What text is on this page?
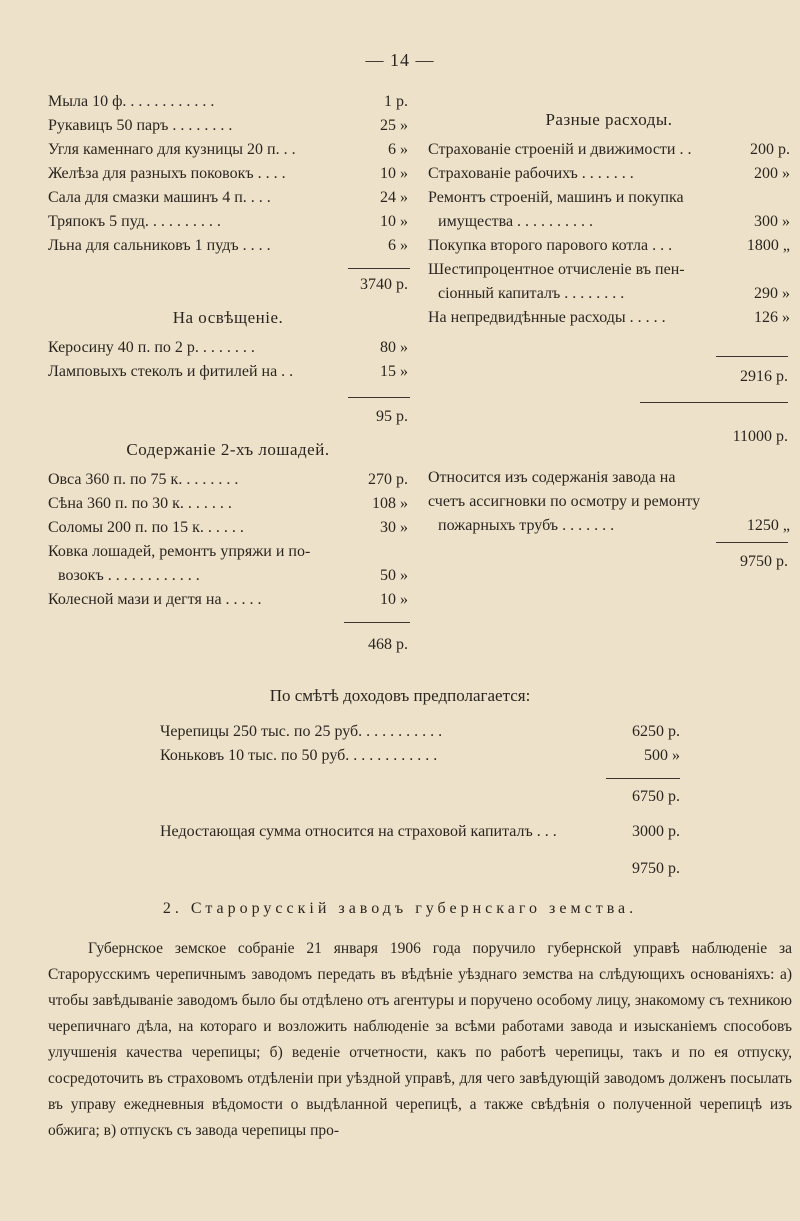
— 14 —
Мыла 10 ф. . . . . . . . . . . .	1 р.
Рукавицъ 50 паръ . . . . . . . .	25 »
Угля каменнаго для кузницы 20 п. . .	6 »
Желѣза для разныхъ поковокъ . . . .	10 »
Сала для смазки машинъ 4 п. . . .	24 »
Тряпокъ 5 пуд. . . . . . . . . .	10 »
Льна для сальниковъ 1 пудъ . . . .	6 »
3740 р.
На освѣщеніе.
Керосину 40 п. по 2 р. . . . . . . .	80 »
Ламповыхъ стеколъ и фитилей на . .	15 »
95 р.
Содержаніе 2-хъ лошадей.
Овса 360 п. по 75 к. . . . . . . .	270 р.
Сѣна 360 п. по 30 к. . . . . . .	108 »
Соломы 200 п. по 15 к. . . . . .	30 »
Ковка лошадей, ремонтъ упряжи и по-
возокъ . . . . . . . . . . . .	50 »
Колесной мази и дегтя на . . . . .	10 »
468 р.
Разные расходы.
Страхованіе строеній и движимости . .	200 р.
Страхованіе рабочихъ . . . . . . .	200 »
Ремонтъ строеній, машинъ и покупка
имущества . . . . . . . . . .	300 »
Покупка второго парового котла . . .	1800 „
Шестипроцентное отчисленіе въ пен-
сіонный капиталъ . . . . . . . .	290 »
На непредвидѣнные расходы . . . . .	126 »
2916 р.
11000 р.
Относится изъ содержанія завода на
счетъ ассигновки по осмотру и ремонту
пожарныхъ трубъ . . . . . . .	1250 „
9750 р.
По смѣтѣ доходовъ предполагается:
Черепицы 250 тыс. по 25 руб. . . . . . . . . . .	6250 р.
Коньковъ 10 тыс. по 50 руб. . . . . . . . . . . .	500 »
6750 р.
Недостающая сумма относится на страховой капиталъ . . .	3000 р.
9750 р.
2. Старорусскій заводъ губернскаго земства.
Губернское земское собраніе 21 января 1906 года поручило губернской управѣ наблюденіе за Старорусскимъ черепичнымъ заводомъ передать въ вѣдѣніе уѣзднаго земства на слѣдующихъ основаніяхъ: а) чтобы завѣдываніе заводомъ было бы отдѣлено отъ агентуры и поручено особому лицу, знакомому съ техникою черепичнаго дѣла, на котораго и возложить наблюденіе за всѣми работами завода и изысканіемъ способовъ улучшенія качества черепицы; б) веденіе отчетности, какъ по работѣ черепицы, такъ и по ея отпуску, сосредоточить въ страховомъ отдѣленіи при уѣздной управѣ, для чего завѣдующій заводомъ долженъ посылать въ управу ежедневныя вѣдомости о выдѣланной черепицѣ, а также свѣдѣнія о полученной черепицѣ изъ обжига; в) отпускъ съ завода черепицы про-
